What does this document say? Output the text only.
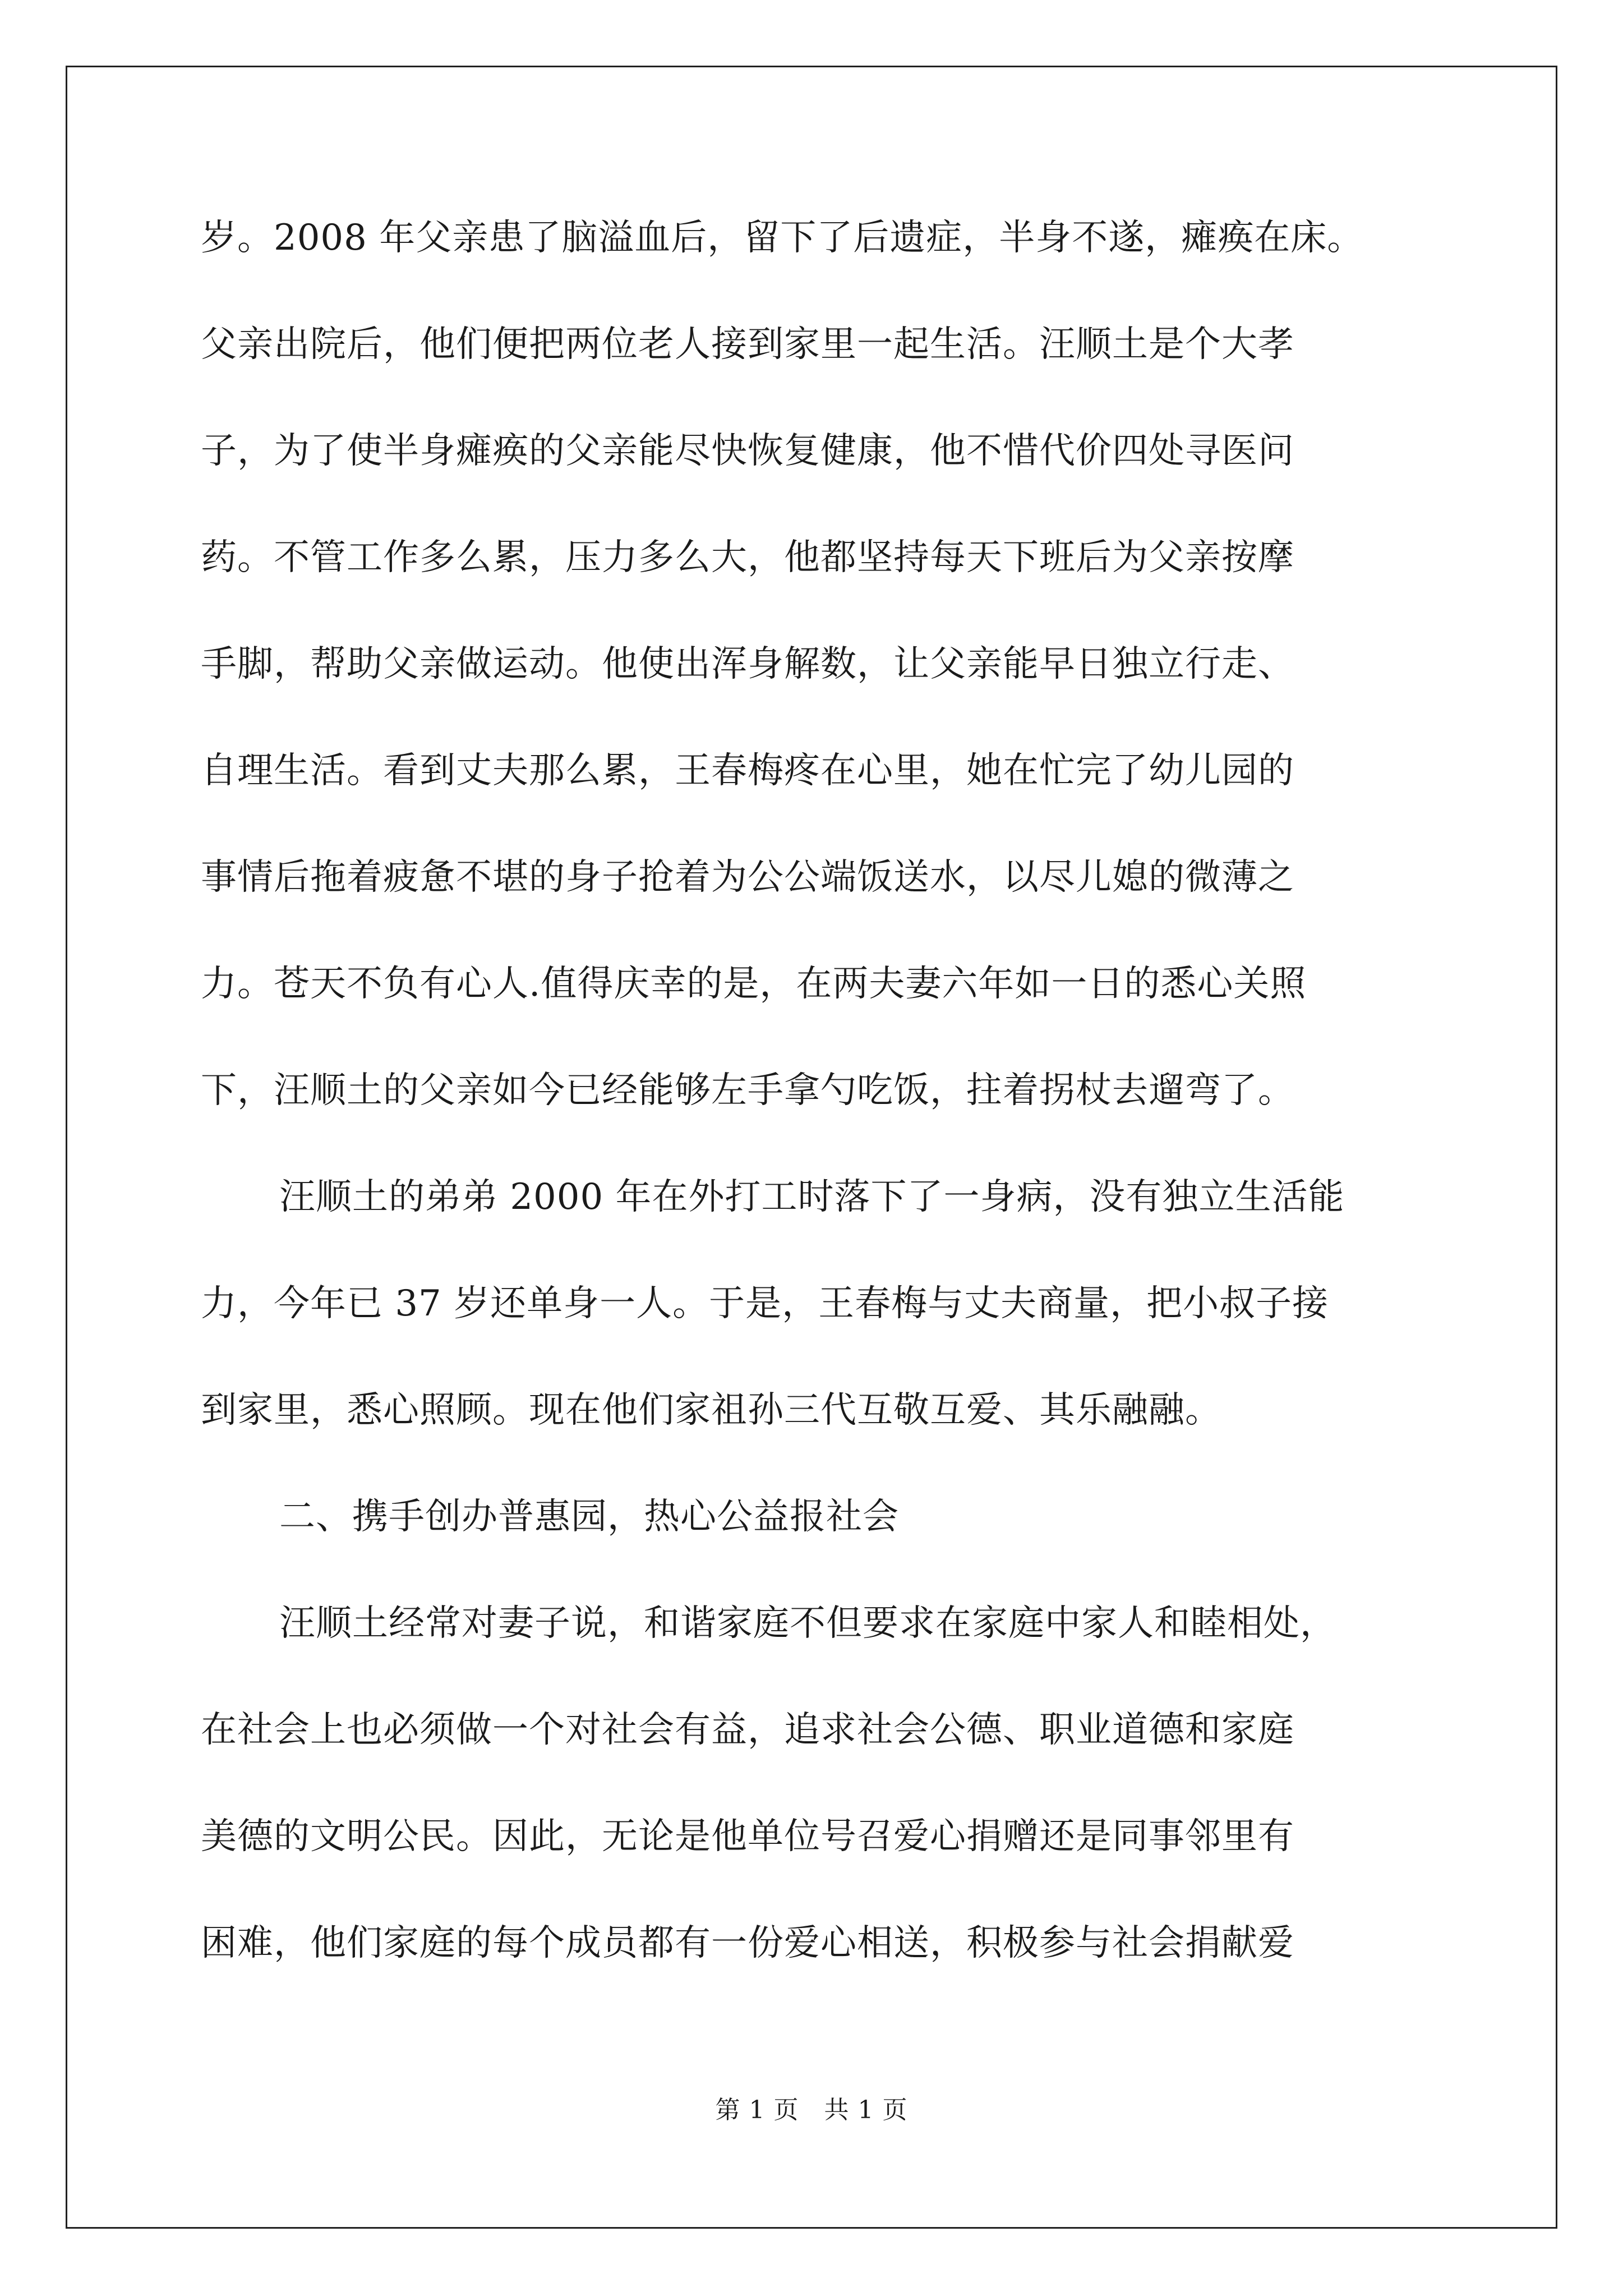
岁。2008 年父亲患了脑溢血后，留下了后遗症，半身不遂，瘫痪在床。
父亲出院后，他们便把两位老人接到家里一起生活。汪顺土是个大孝
子，为了使半身瘫痪的父亲能尽快恢复健康，他不惜代价四处寻医问
药。不管工作多么累，压力多么大，他都坚持每天下班后为父亲按摩
手脚，帮助父亲做运动。他使出浑身解数，让父亲能早日独立行走、
自理生活。看到丈夫那么累，王春梅疼在心里，她在忙完了幼儿园的
事情后拖着疲惫不堪的身子抢着为公公端饭送水，以尽儿媳的微薄之
力。苍天不负有心人.值得庆幸的是，在两夫妻六年如一日的悉心关照
下，汪顺土的父亲如今已经能够左手拿勺吃饭，拄着拐杖去遛弯了。
汪顺土的弟弟 2000 年在外打工时落下了一身病，没有独立生活能
力，今年已 37 岁还单身一人。于是，王春梅与丈夫商量，把小叔子接
到家里，悉心照顾。现在他们家祖孙三代互敬互爱、其乐融融。
二、携手创办普惠园，热心公益报社会
汪顺土经常对妻子说，和谐家庭不但要求在家庭中家人和睦相处，
在社会上也必须做一个对社会有益，追求社会公德、职业道德和家庭
美德的文明公民。因此，无论是他单位号召爱心捐赠还是同事邻里有
困难，他们家庭的每个成员都有一份爱心相送，积极参与社会捐献爱
第 1 页   共 1 页
